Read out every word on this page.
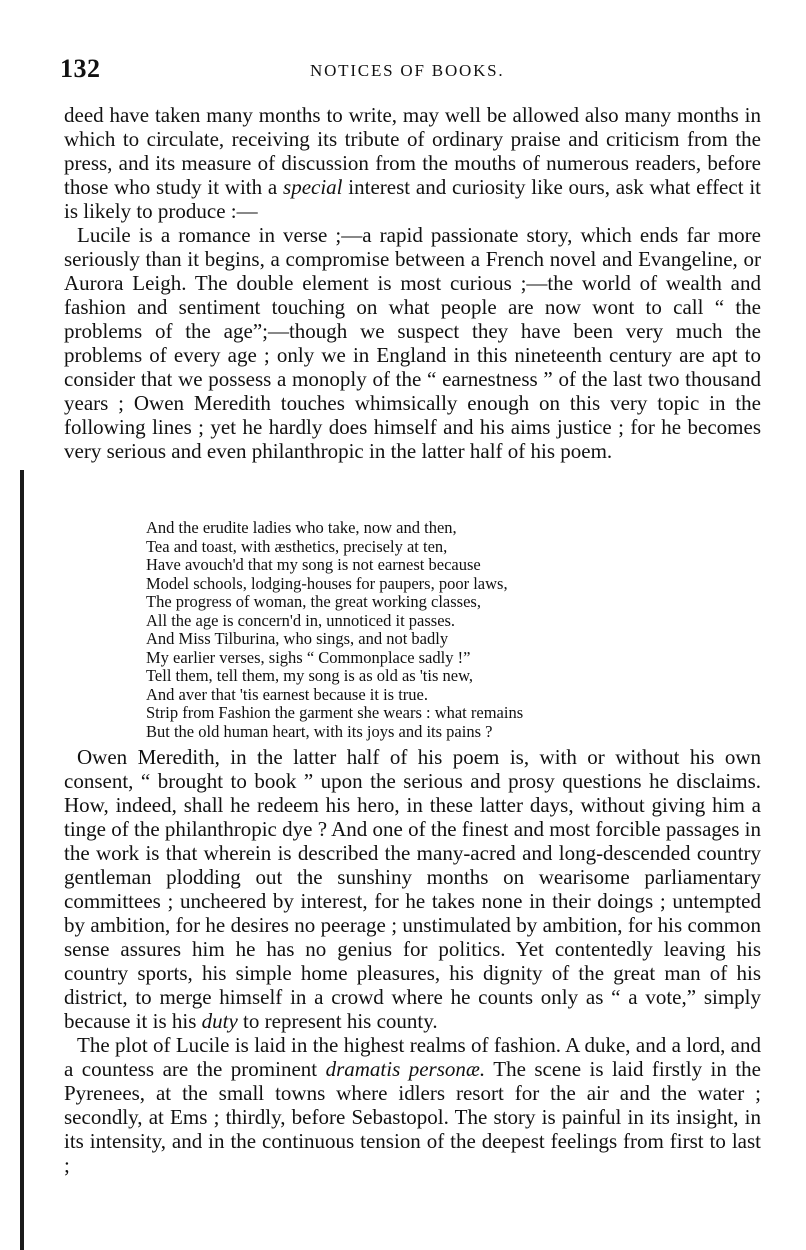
132	NOTICES OF BOOKS.

deed have taken many months to write, may well be allowed also many months in which to circulate, receiving its tribute of ordinary praise and criticism from the press, and its measure of discussion from the mouths of numerous readers, before those who study it with a special interest and curiosity like ours, ask what effect it is likely to produce :—

Lucile is a romance in verse ;—a rapid passionate story, which ends far more seriously than it begins, a compromise between a French novel and Evangeline, or Aurora Leigh. The double element is most curious ;—the world of wealth and fashion and sentiment touching on what people are now wont to call “ the problems of the age”;—though we suspect they have been very much the problems of every age ; only we in England in this nineteenth century are apt to consider that we possess a monoply of the “ earnestness ” of the last two thousand years ; Owen Meredith touches whimsically enough on this very topic in the following lines ; yet he hardly does himself and his aims justice ; for he becomes very serious and even philanthropic in the latter half of his poem.

And the erudite ladies who take, now and then,
Tea and toast, with æsthetics, precisely at ten,
Have avouch'd that my song is not earnest because
Model schools, lodging-houses for paupers, poor laws,
The progress of woman, the great working classes,
All the age is concern'd in, unnoticed it passes.
And Miss Tilburina, who sings, and not badly
My earlier verses, sighs “ Commonplace sadly !”
Tell them, tell them, my song is as old as 'tis new,
And aver that 'tis earnest because it is true.
Strip from Fashion the garment she wears : what remains
But the old human heart, with its joys and its pains ?

Owen Meredith, in the latter half of his poem is, with or without his own consent, “ brought to book ” upon the serious and prosy questions he disclaims. How, indeed, shall he redeem his hero, in these latter days, without giving him a tinge of the philanthropic dye ? And one of the finest and most forcible passages in the work is that wherein is described the many-acred and long-descended country gentleman plodding out the sunshiny months on wearisome parliamentary committees ; uncheered by interest, for he takes none in their doings ; untempted by ambition, for he desires no peerage ; unstimulated by ambition, for his common sense assures him he has no genius for politics. Yet contentedly leaving his country sports, his simple home pleasures, his dignity of the great man of his district, to merge himself in a crowd where he counts only as “ a vote,” simply because it is his duty to represent his county.

The plot of Lucile is laid in the highest realms of fashion. A duke, and a lord, and a countess are the prominent dramatis personæ. The scene is laid firstly in the Pyrenees, at the small towns where idlers resort for the air and the water ; secondly, at Ems ; thirdly, before Sebastopol. The story is painful in its insight, in its intensity, and in the continuous tension of the deepest feelings from first to last ;
